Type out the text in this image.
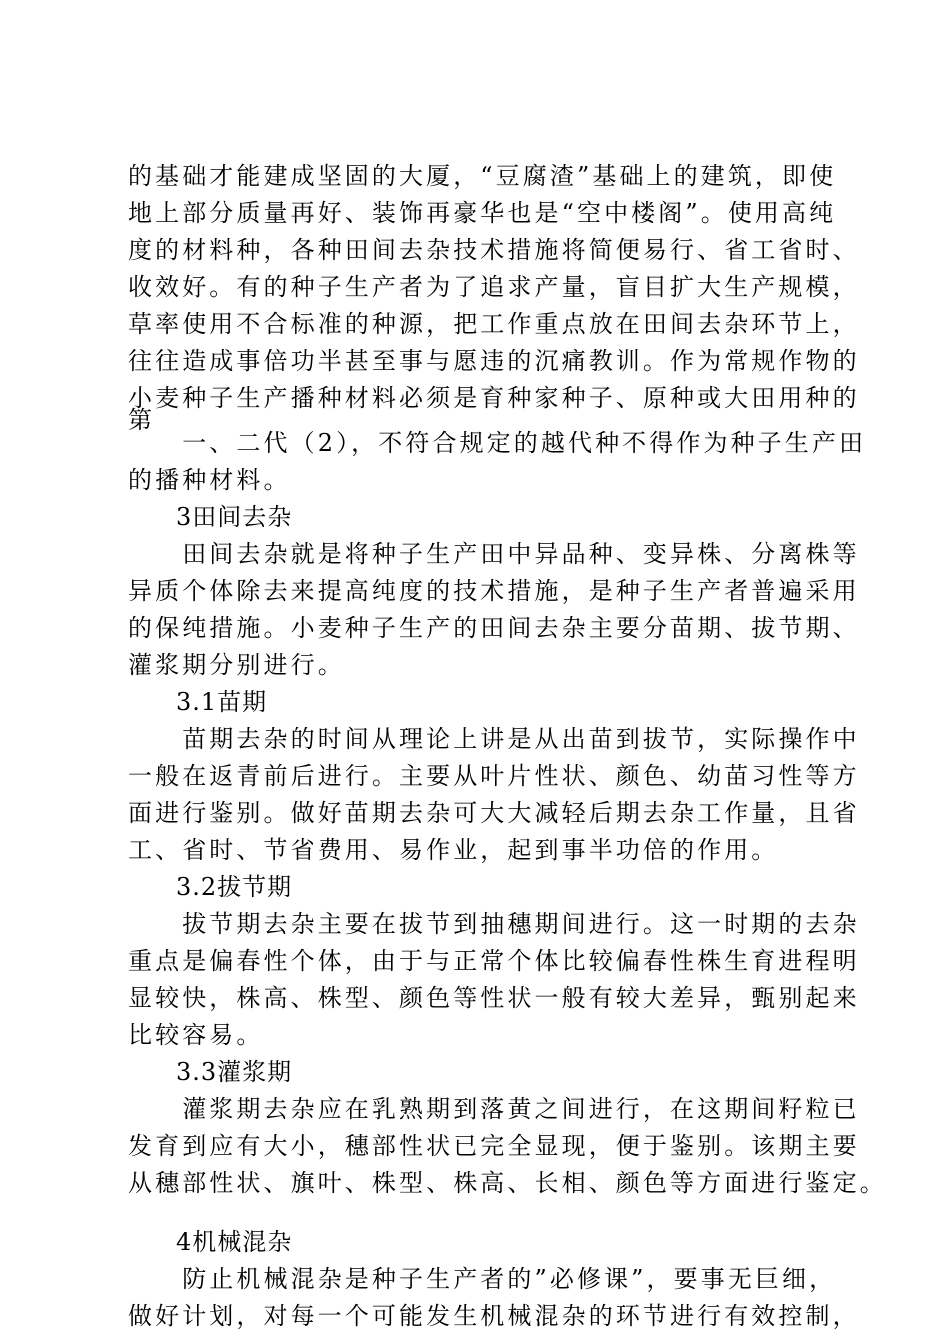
的基础才能建成坚固的大厦，“豆腐渣”基础上的建筑，即使
地上部分质量再好、装饰再豪华也是“空中楼阁”。使用高纯
度的材料种，各种田间去杂技术措施将简便易行、省工省时、
收效好。有的种子生产者为了追求产量，盲目扩大生产规模，
草率使用不合标准的种源，把工作重点放在田间去杂环节上，
往往造成事倍功半甚至事与愿违的沉痛教训。作为常规作物的
小麦种子生产播种材料必须是育种家种子、原种或大田用种的
第
　　一、二代（2），不符合规定的越代种不得作为种子生产田
的播种材料。
3田间去杂
　　田间去杂就是将种子生产田中异品种、变异株、分离株等
异质个体除去来提高纯度的技术措施，是种子生产者普遍采用
的保纯措施。小麦种子生产的田间去杂主要分苗期、拔节期、
灌浆期分别进行。
3.1苗期
　　苗期去杂的时间从理论上讲是从出苗到拔节，实际操作中
一般在返青前后进行。主要从叶片性状、颜色、幼苗习性等方
面进行鉴别。做好苗期去杂可大大减轻后期去杂工作量，且省
工、省时、节省费用、易作业，起到事半功倍的作用。
3.2拔节期
　　拔节期去杂主要在拔节到抽穗期间进行。这一时期的去杂
重点是偏春性个体，由于与正常个体比较偏春性株生育进程明
显较快，株高、株型、颜色等性状一般有较大差异，甄别起来
比较容易。
3.3灌浆期
　　灌浆期去杂应在乳熟期到落黄之间进行，在这期间籽粒已
发育到应有大小，穗部性状已完全显现，便于鉴别。该期主要
从穗部性状、旗叶、株型、株高、长相、颜色等方面进行鉴定。
4机械混杂
　　防止机械混杂是种子生产者的”必修课”，要事无巨细，
做好计划，对每一个可能发生机械混杂的环节进行有效控制，
